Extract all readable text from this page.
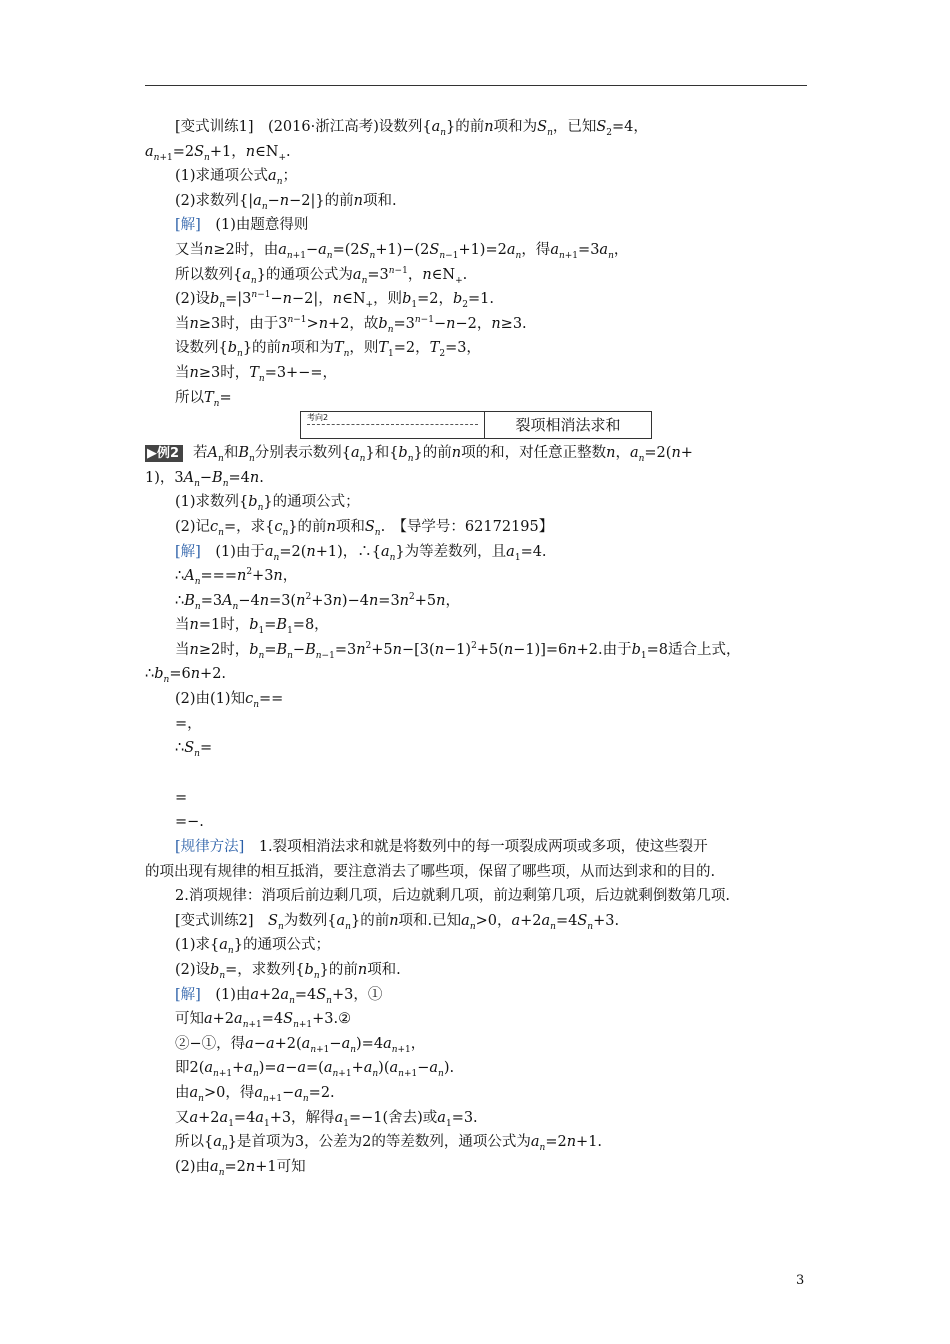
[变式训练1]　(2016·浙江高考)设数列$\{a_n\}$的前n项和为$S_n$，已知$S_2=4$，
$a_{n+1}=2S_n+1$，$n\in N_+$.
(1)求通项公式$a_n$；
(2)求数列$\{|a_n-n-2|\}$的前n项和.
[解]　(1)由题意得则
又当n≥2时，由$a_{n+1}-a_n=(2S_n+1)-(2S_{n-1}+1)=2a_n$，得$a_{n+1}=3a_n$，
所以数列$\{a_n\}$的通项公式为$a_n=3^{n-1}$，$n\in N_+$.
(2)设$b_n=|3^{n-1}-n-2|$，$n\in N_+$，则$b_1=2$，$b_2=1$.
当n≥3时，由于$3^{n-1}>n+2$，故$b_n=3^{n-1}-n-2$，n≥3.
设数列$\{b_n\}$的前n项和为$T_n$，则$T_1=2$，$T_2=3$，
当n≥3时，$T_n=3+-=$，
所以$T_n=$
考向2	裂项相消法求和
▶例2 若$A_n$和$B_n$分别表示数列$\{a_n\}$和$\{b_n\}$的前n项的和，对任意正整数n，$a_n=2(n+$
1)，$3A_n-B_n=4n$.
(1)求数列$\{b_n\}$的通项公式；
(2)记$c_n=$，求$\{c_n\}$的前n项和$S_n$.　【导学号：62172195】
[解]　(1)由于$a_n=2(n+1)$，$\therefore\{a_n\}$为等差数列，且$a_1=4$.
$\therefore A_n===n^2+3n$，
$\therefore B_n=3A_n-4n=3(n^2+3n)-4n=3n^2+5n$，
当n=1时，$b_1=B_1=8$，
当n≥2时，$b_n=B_n-B_{n-1}=3n^2+5n-[3(n-1)^2+5(n-1)]=6n+2$.由于$b_1=8$适合上式，
$\therefore b_n=6n+2$.
(2)由(1)知$c_n==$
=，
$\therefore S_n=$
=
=−.
[规律方法]　1.裂项相消法求和就是将数列中的每一项裂成两项或多项，使这些裂开
的项出现有规律的相互抵消，要注意消去了哪些项，保留了哪些项，从而达到求和的目的.
2.消项规律：消项后前边剩几项，后边就剩几项，前边剩第几项，后边就剩倒数第几项.
[变式训练2]　$S_n$为数列$\{a_n\}$的前n项和.已知$a_n>0$，$a+2a_n=4S_n+3$.
(1)求$\{a_n\}$的通项公式；
(2)设$b_n=$，求数列$\{b_n\}$的前n项和.
[解]　(1)由$a+2a_n=4S_n+3$，①
可知$a+2a_{n+1}=4S_{n+1}+3.②$
②−①，得$a-a+2(a_{n+1}-a_n)=4a_{n+1}$，
即$2(a_{n+1}+a_n)=a-a=(a_{n+1}+a_n)(a_{n+1}-a_n)$.
由$a_n>0$，得$a_{n+1}-a_n=2$.
又$a+2a_1=4a_1+3$，解得$a_1=-1$(舍去)或$a_1=3$.
所以$\{a_n\}$是首项为3，公差为2的等差数列，通项公式为$a_n=2n+1$.
(2)由$a_n=2n+1$可知
3
